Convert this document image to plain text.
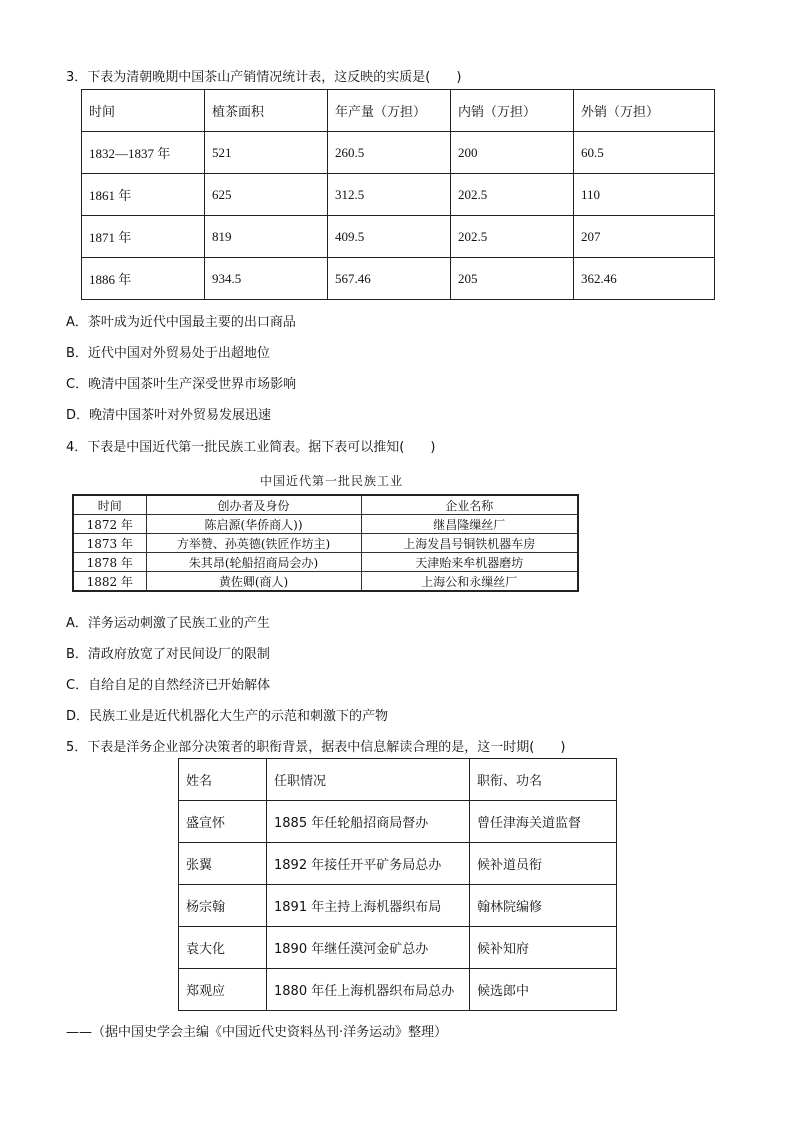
3．下表为清朝晚期中国茶山产销情况统计表，这反映的实质是(　　)
时间	植茶面积	年产量（万担）	内销（万担）	外销（万担）
1832—1837 年	521	260.5	200	60.5
1861 年	625	312.5	202.5	110
1871 年	819	409.5	202.5	207
1886 年	934.5	567.46	205	362.46
A．茶叶成为近代中国最主要的出口商品
B．近代中国对外贸易处于出超地位
C．晚清中国茶叶生产深受世界市场影响
D．晚清中国茶叶对外贸易发展迅速
4．下表是中国近代第一批民族工业简表。据下表可以推知(　　)
中国近代第一批民族工业
时间	创办者及身份	企业名称
1872 年	陈启源(华侨商人))	继昌隆缫丝厂
1873 年	方举赞、孙英德(铁匠作坊主)	上海发昌号铜铁机器车房
1878 年	朱其昂(轮船招商局会办)	天津贻来牟机器磨坊
1882 年	黄佐卿(商人)	上海公和永缫丝厂
A．洋务运动刺激了民族工业的产生
B．清政府放宽了对民间设厂的限制
C．自给自足的自然经济已开始解体
D．民族工业是近代机器化大生产的示范和刺激下的产物
5．下表是洋务企业部分决策者的职衔背景，据表中信息解读合理的是，这一时期(　　)
姓名	任职情况	职衔、功名
盛宣怀	1885 年任轮船招商局督办	曾任津海关道监督
张翼	1892 年接任开平矿务局总办	候补道员衔
杨宗翰	1891 年主持上海机器织布局	翰林院编修
袁大化	1890 年继任漠河金矿总办	候补知府
郑观应	1880 年任上海机器织布局总办	候选郎中
——（据中国史学会主编《中国近代史资料丛刊·洋务运动》整理）
